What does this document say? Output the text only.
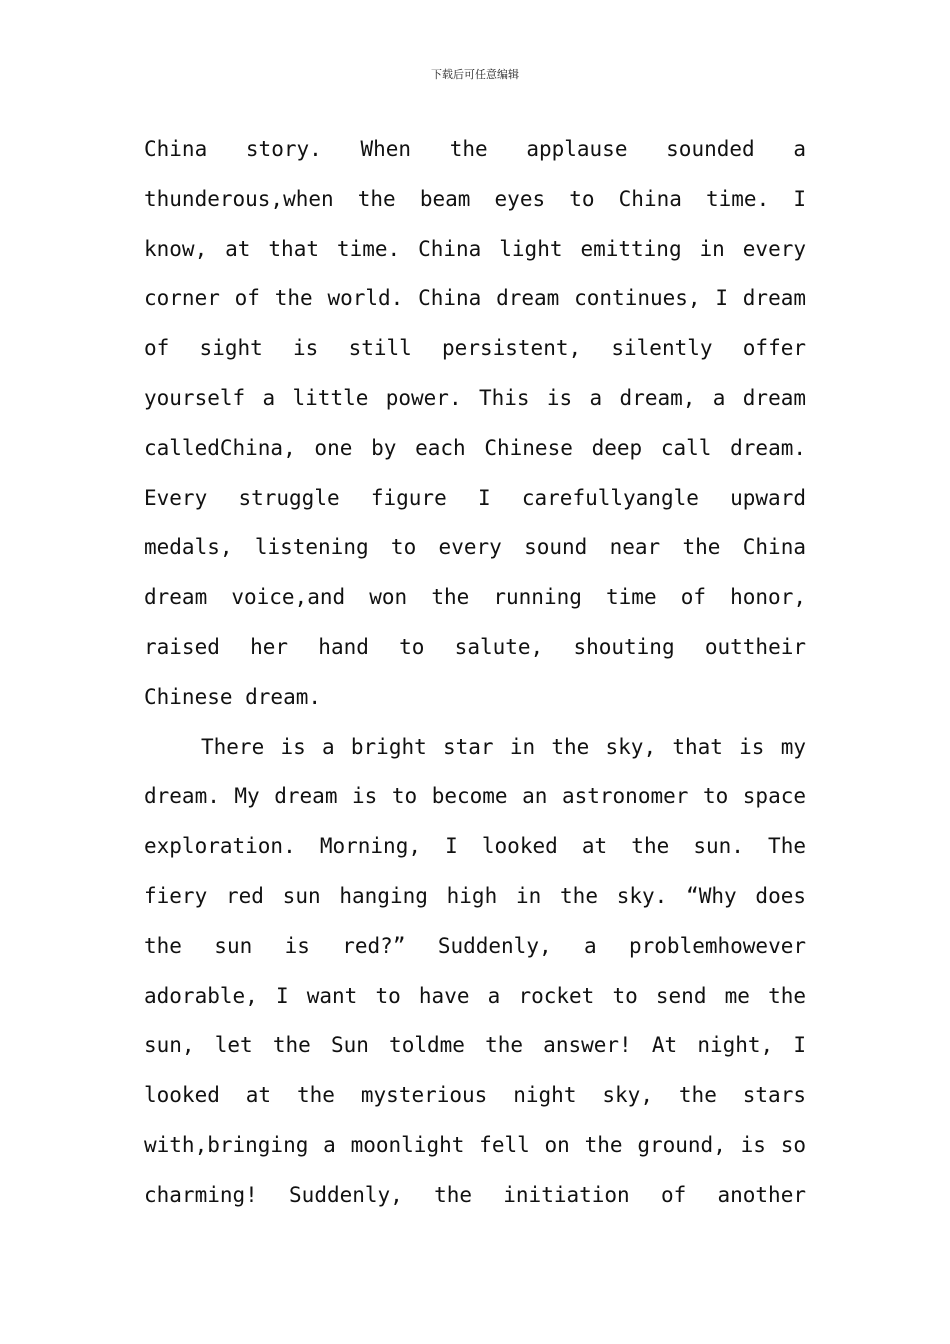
下载后可任意编辑
China story. When the applause sounded a
thunderous,when the beam eyes to China time. I
know, at that time. China light emitting in every
corner of the world. China dream continues, I dream
of sight is still persistent, silently offer
yourself a little power. This is a dream, a dream
calledChina, one by each Chinese deep call dream.
Every struggle figure I carefullyangle upward
medals, listening to every sound near the China
dream voice,and won the running time of honor,
raised her hand to salute, shouting outtheir
Chinese dream.
There is a bright star in the sky, that is my
dream. My dream is to become an astronomer to space
exploration. Morning, I looked at the sun. The
fiery red sun hanging high in the sky. “Why does
the sun is red?” Suddenly, a problemhowever
adorable, I want to have a rocket to send me the
sun, let the Sun toldme the answer! At night, I
looked at the mysterious night sky, the stars
with,bringing a moonlight fell on the ground, is so
charming! Suddenly, the initiation of another
